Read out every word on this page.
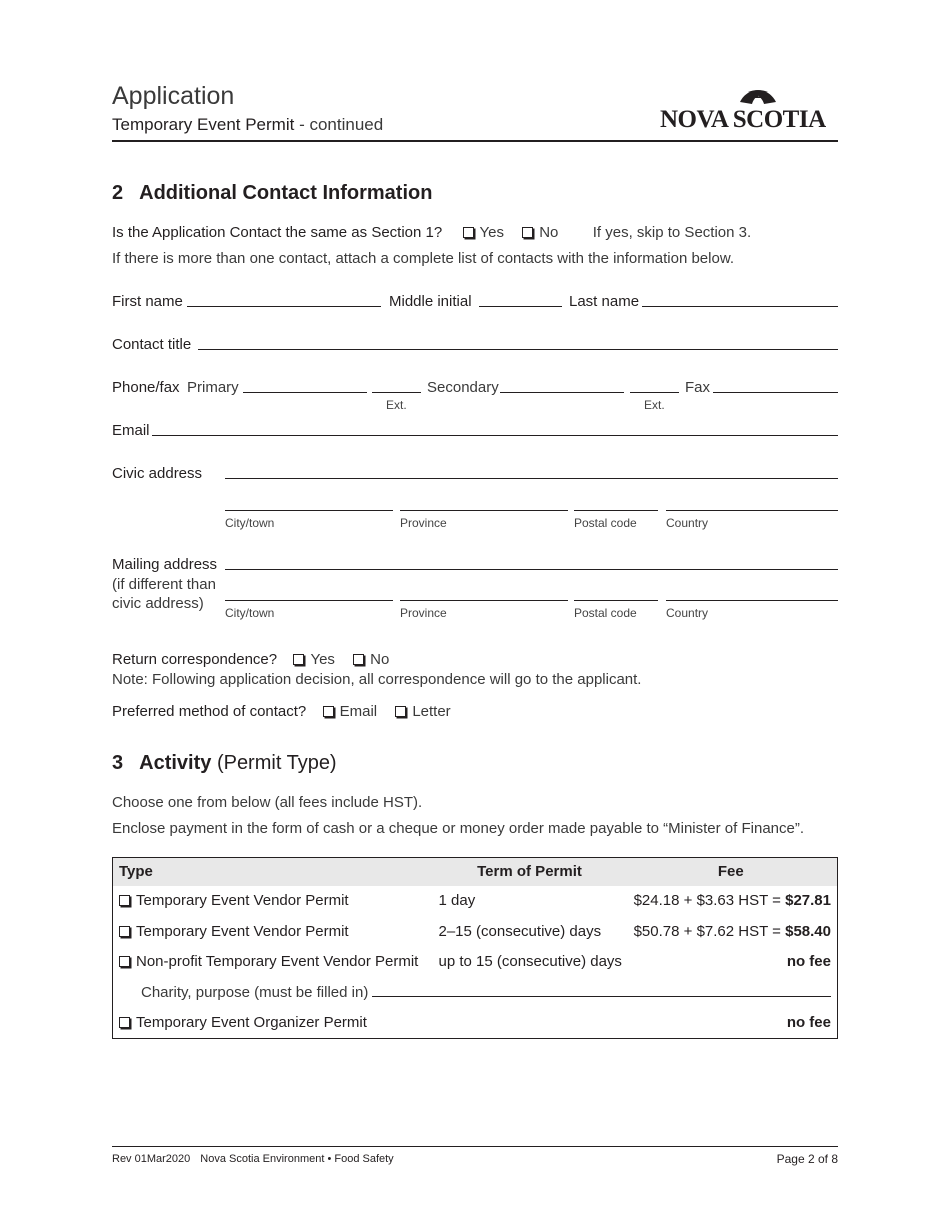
Application
Temporary Event Permit - continued	NOVA SCOTIA
2 Additional Contact Information
Is the Application Contact the same as Section 1? Yes No If yes, skip to Section 3.
If there is more than one contact, attach a complete list of contacts with the information below.
First name	Middle initial	Last name
Contact title
Phone/fax Primary
Ext.
Secondary
Ext.
Fax
Email
Civic address
City/town	Province	Postal code Country
Mailing address
(if different than
civic address)
City/town	Province	Postal code Country
Return correspondence? Yes No
Note: Following application decision, all correspondence will go to the applicant.
Preferred method of contact? Email Letter
3 Activity (Permit Type)
Choose one from below (all fees include HST).
Enclose payment in the form of cash or a cheque or money order made payable to “Minister of Finance”.
Type	Term of Permit	Fee
Temporary Event Vendor Permit	1 day	$24.18 + $3.63 HST = $27.81
Temporary Event Vendor Permit	2–15 (consecutive) days	$50.78 + $7.62 HST = $58.40
Non-profit Temporary Event Vendor Permit	up to 15 (consecutive) days	no fee

Charity, purpose (must be filled in)		

Temporary Event Organizer Permit		no fee
Rev 01Mar2020 Nova Scotia Environment • Food Safety	Page 2 of 8
